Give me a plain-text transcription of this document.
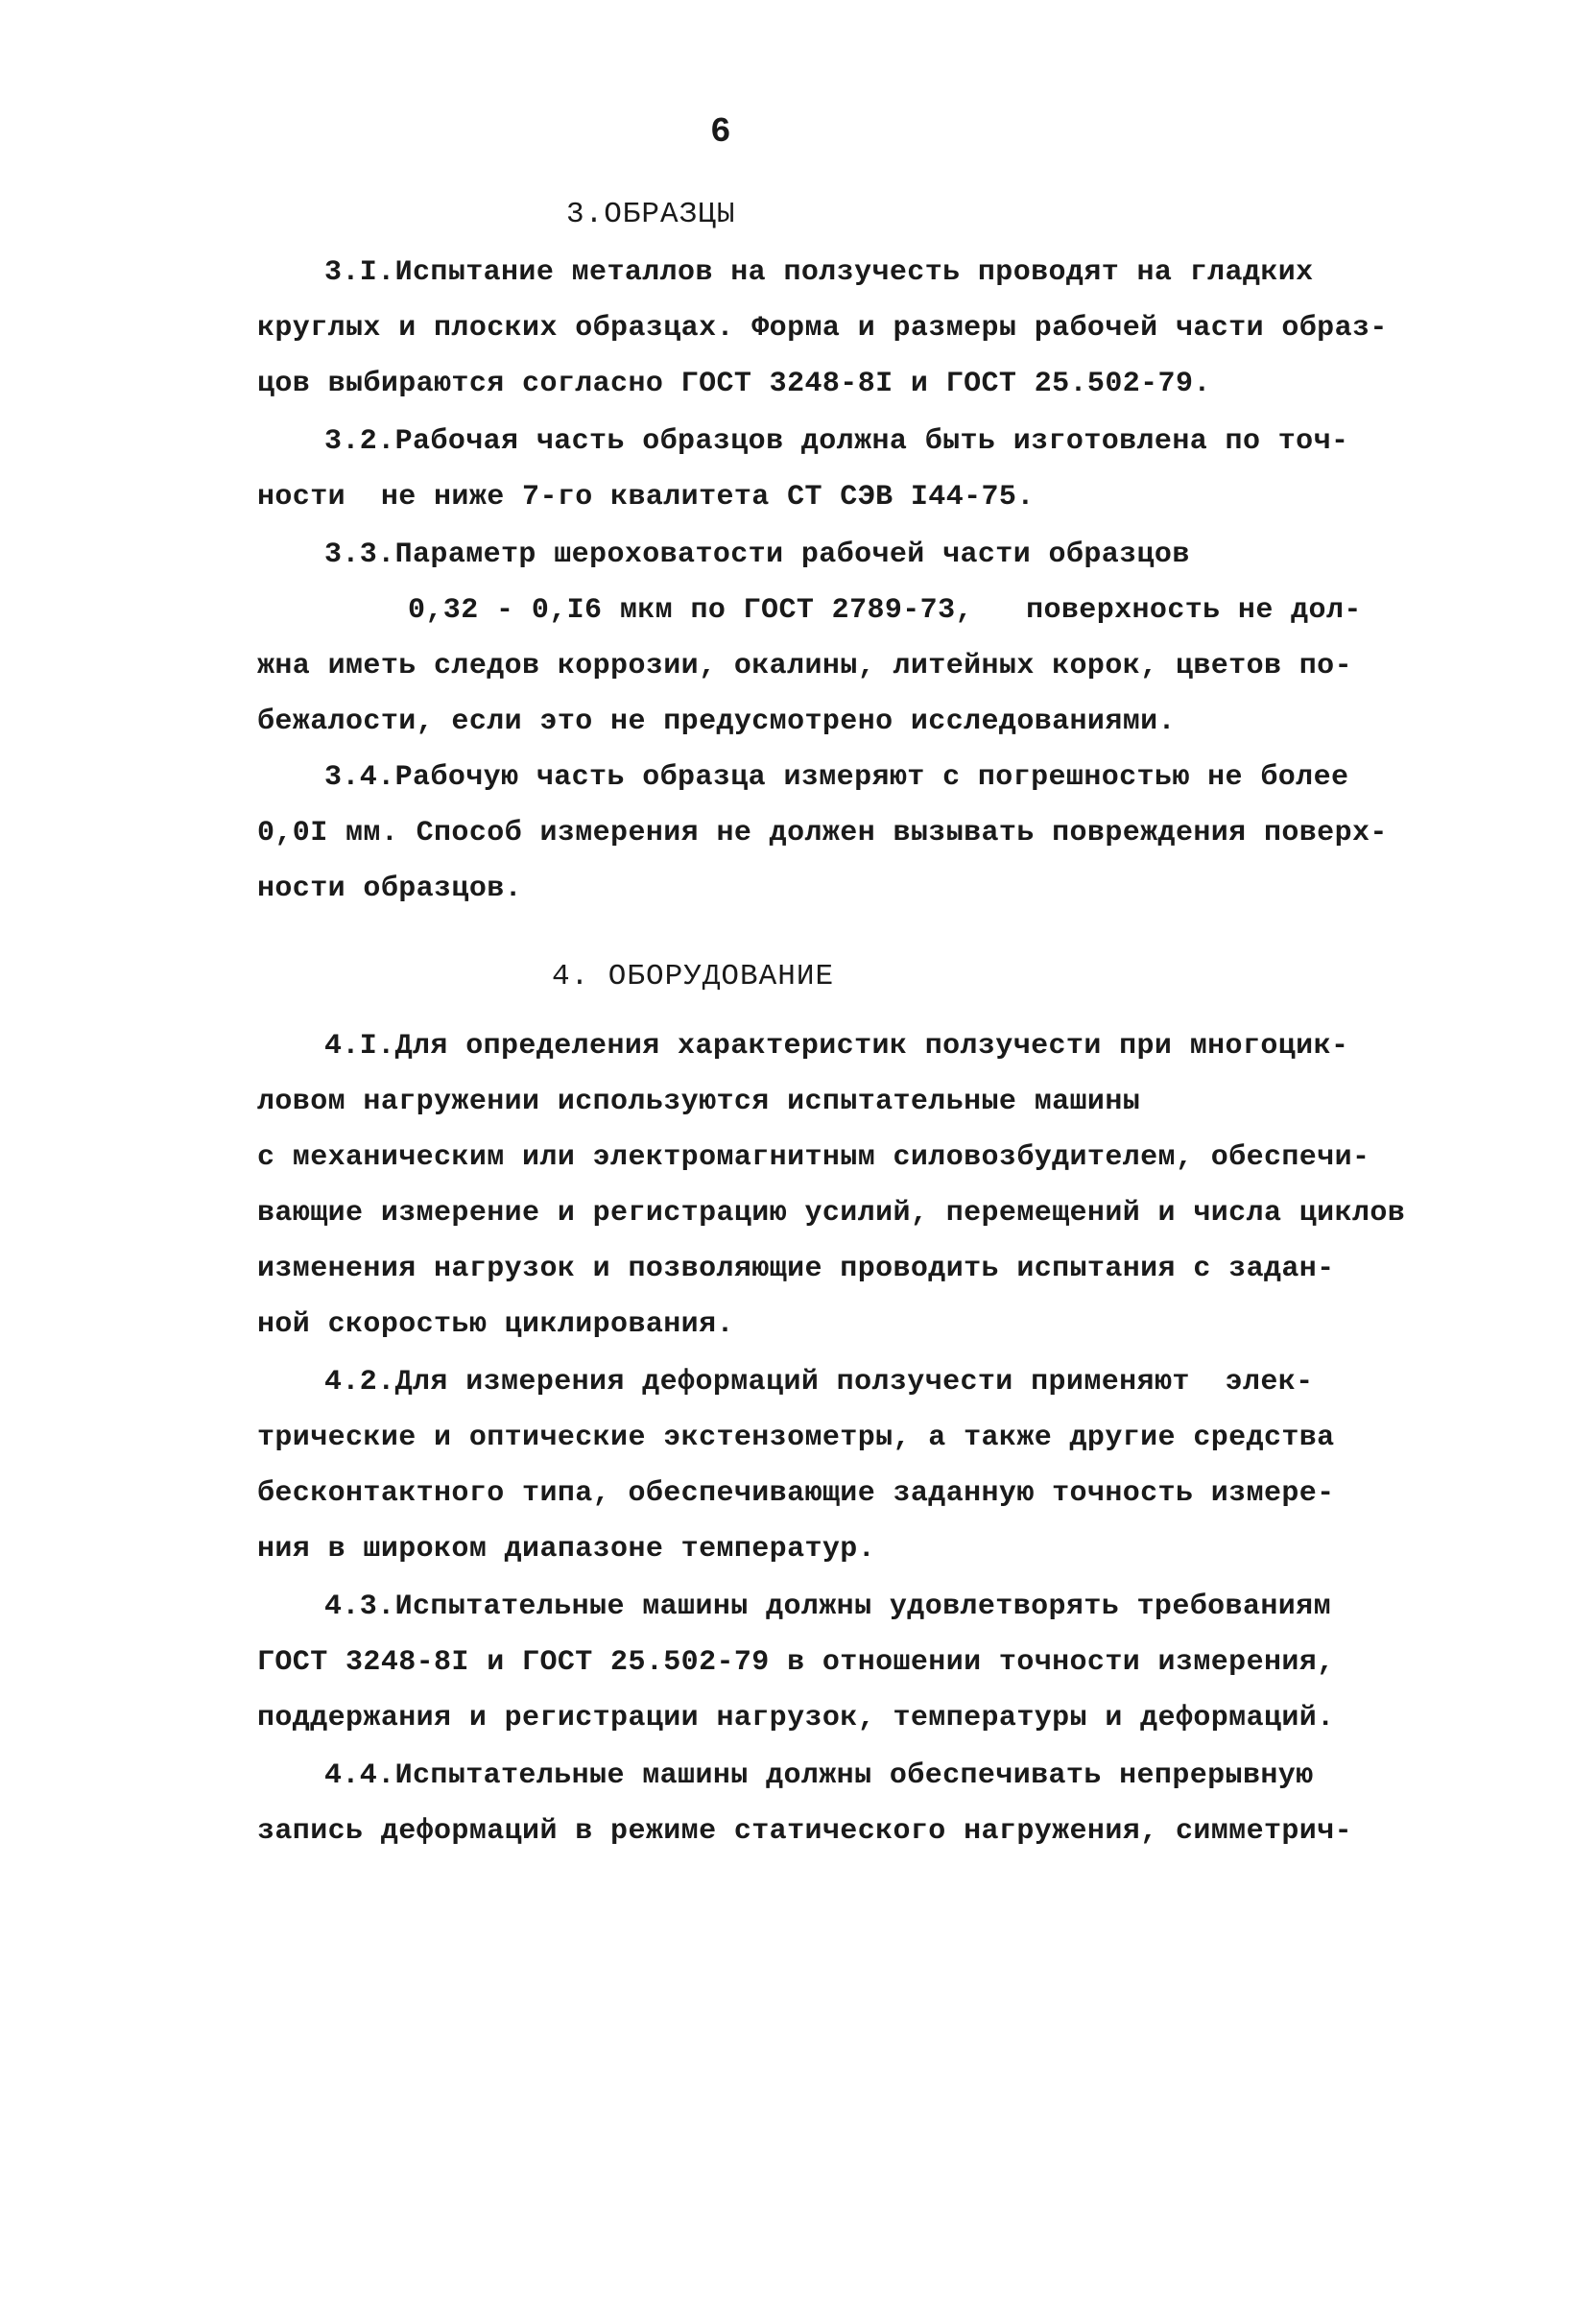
6
3.ОБРАЗЦЫ
3.I.Испытание металлов на ползучесть проводят на гладких
круглых и плоских образцах. Форма и размеры рабочей части образ-
цов выбираются согласно ГОСТ 3248-8I и ГОСТ 25.502-79.
3.2.Рабочая часть образцов должна быть изготовлена по точ-
ности  не ниже 7-го квалитета СТ СЭВ I44-75.
3.3.Параметр шероховатости рабочей части образцов
0,32 - 0,I6 мкм по ГОСТ 2789-73,   поверхность не дол-
жна иметь следов коррозии, окалины, литейных корок, цветов по-
бежалости, если это не предусмотрено исследованиями.
3.4.Рабочую часть образца измеряют с погрешностью не более
0,0I мм. Способ измерения не должен вызывать повреждения поверх-
ности образцов.
4. ОБОРУДОВАНИЕ
4.I.Для определения характеристик ползучести при многоцик-
ловом нагружении используются испытательные машины
с механическим или электромагнитным силовозбудителем, обеспечи-
вающие измерение и регистрацию усилий, перемещений и числа циклов
изменения нагрузок и позволяющие проводить испытания с задан-
ной скоростью циклирования.
4.2.Для измерения деформаций ползучести применяют  элек-
трические и оптические экстензометры, а также другие средства
бесконтактного типа, обеспечивающие заданную точность измере-
ния в широком диапазоне температур.
4.3.Испытательные машины должны удовлетворять требованиям
ГОСТ 3248-8I и ГОСТ 25.502-79 в отношении точности измерения,
поддержания и регистрации нагрузок, температуры и деформаций.
4.4.Испытательные машины должны обеспечивать непрерывную
запись деформаций в режиме статического нагружения, симметрич-
